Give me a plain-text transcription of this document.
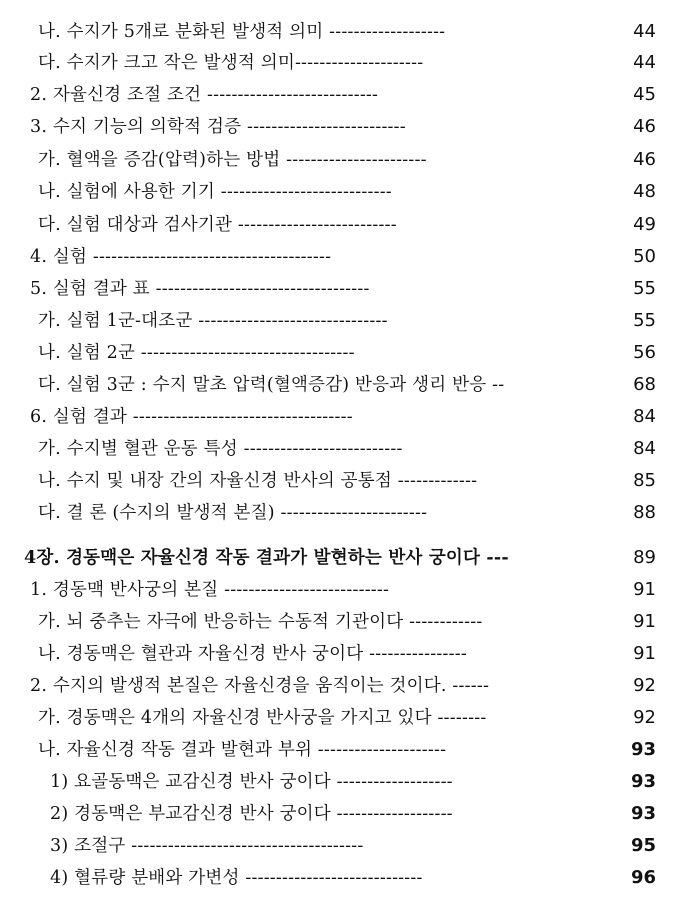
나. 수지가 5개로 분화된 발생적 의미 -------------------	44
다. 수지가 크고 작은 발생적 의미---------------------	44
2. 자율신경 조절 조건 ----------------------------	45
3. 수지 기능의 의학적 검증 --------------------------	46
가. 혈액을 증감(압력)하는 방법 -----------------------	46
나. 실험에 사용한 기기 ----------------------------	48
다. 실험 대상과 검사기관 --------------------------	49
4. 실험 ---------------------------------------	50
5. 실험 결과 표 -----------------------------------	55
가. 실험 1군-대조군 -------------------------------	55
나. 실험 2군 -----------------------------------	56
다. 실험 3군 : 수지 말초 압력(혈액증감) 반응과 생리 반응 --	68
6. 실험 결과 ------------------------------------	84
가. 수지별 혈관 운동 특성 --------------------------	84
나. 수지 및 내장 간의 자율신경 반사의 공통점 -------------	85
다. 결 론 (수지의 발생적 본질) ------------------------	88
4장. 경동맥은 자율신경 작동 결과가 발현하는 반사 궁이다 ---	89
1. 경동맥 반사궁의 본질 ---------------------------	91
가. 뇌 중추는 자극에 반응하는 수동적 기관이다 ------------	91
나. 경동맥은 혈관과 자율신경 반사 궁이다 ----------------	91
2. 수지의 발생적 본질은 자율신경을 움직이는 것이다. ------	92
가. 경동맥은 4개의 자율신경 반사궁을 가지고 있다 --------	92
나. 자율신경 작동 결과 발현과 부위 ---------------------	93
1) 요골동맥은 교감신경 반사 궁이다 -------------------	93
2) 경동맥은 부교감신경 반사 궁이다 -------------------	93
3) 조절구 --------------------------------------	95
4) 혈류량 분배와 가변성 -----------------------------	96
